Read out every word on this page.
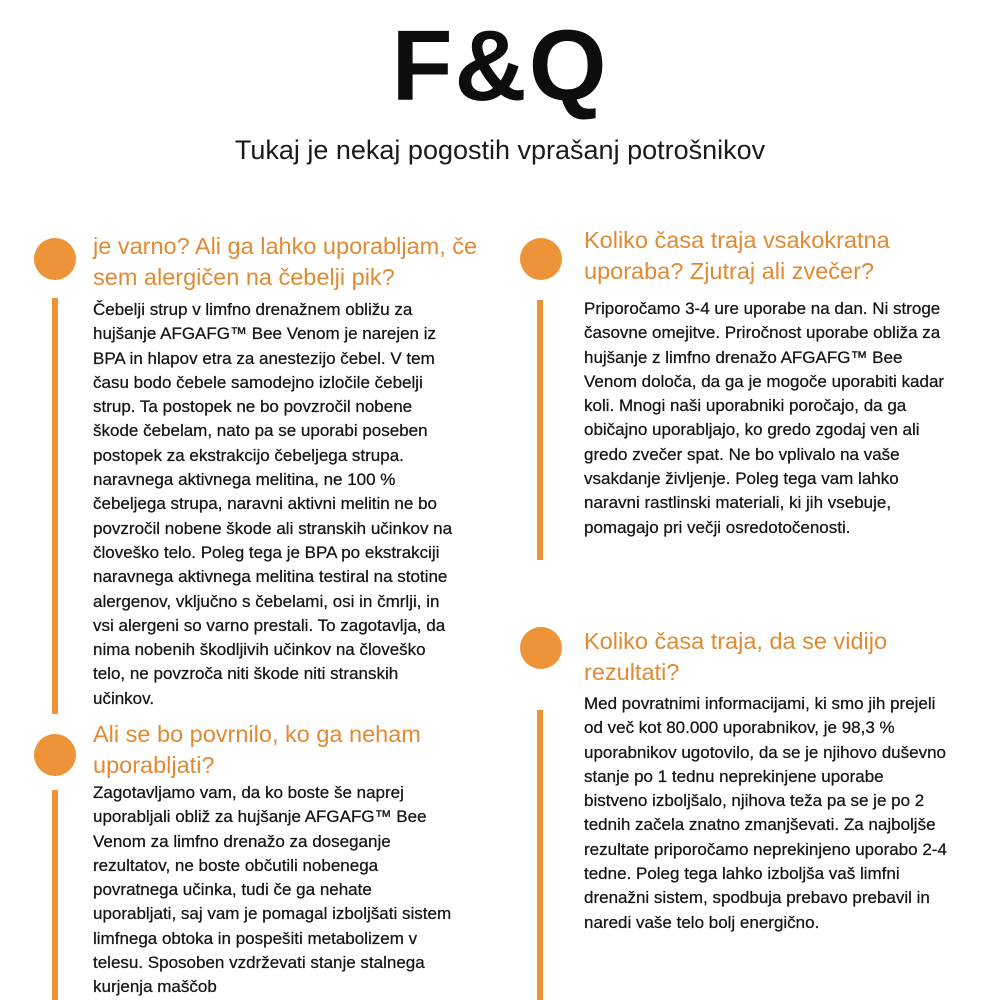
F&Q
Tukaj je nekaj pogostih vprašanj potrošnikov
je varno? Ali ga lahko uporabljam, če
sem alergičen na čebelji pik?
Čebelji strup v limfno drenažnem obližu za
hujšanje AFGAFG™ Bee Venom je narejen iz
BPA in hlapov etra za anestezijo čebel. V tem
času bodo čebele samodejno izločile čebelji
strup. Ta postopek ne bo povzročil nobene
škode čebelam, nato pa se uporabi poseben
postopek za ekstrakcijo čebeljega strupa.
naravnega aktivnega melitina, ne 100 %
čebeljega strupa, naravni aktivni melitin ne bo
povzročil nobene škode ali stranskih učinkov na
človeško telo. Poleg tega je BPA po ekstrakciji
naravnega aktivnega melitina testiral na stotine
alergenov, vključno s čebelami, osi in čmrlji, in
vsi alergeni so varno prestali. To zagotavlja, da
nima nobenih škodljivih učinkov na človeško
telo, ne povzroča niti škode niti stranskih
učinkov.
Ali se bo povrnilo, ko ga neham
uporabljati?
Zagotavljamo vam, da ko boste še naprej
uporabljali obliž za hujšanje AFGAFG™ Bee
Venom za limfno drenažo za doseganje
rezultatov, ne boste občutili nobenega
povratnega učinka, tudi če ga nehate
uporabljati, saj vam je pomagal izboljšati sistem
limfnega obtoka in pospešiti metabolizem v
telesu. Sposoben vzdrževati stanje stalnega
kurjenja maščob
Koliko časa traja vsakokratna
uporaba? Zjutraj ali zvečer?
Priporočamo 3-4 ure uporabe na dan. Ni stroge
časovne omejitve. Priročnost uporabe obliža za
hujšanje z limfno drenažo AFGAFG™ Bee
Venom določa, da ga je mogoče uporabiti kadar
koli. Mnogi naši uporabniki poročajo, da ga
običajno uporabljajo, ko gredo zgodaj ven ali
gredo zvečer spat. Ne bo vplivalo na vaše
vsakdanje življenje. Poleg tega vam lahko
naravni rastlinski materiali, ki jih vsebuje,
pomagajo pri večji osredotočenosti.
Koliko časa traja, da se vidijo
rezultati?
Med povratnimi informacijami, ki smo jih prejeli
od več kot 80.000 uporabnikov, je 98,3 %
uporabnikov ugotovilo, da se je njihovo duševno
stanje po 1 tednu neprekinjene uporabe
bistveno izboljšalo, njihova teža pa se je po 2
tednih začela znatno zmanjševati. Za najboljše
rezultate priporočamo neprekinjeno uporabo 2-4
tedne. Poleg tega lahko izboljša vaš limfni
drenažni sistem, spodbuja prebavo prebavil in
naredi vaše telo bolj energično.
